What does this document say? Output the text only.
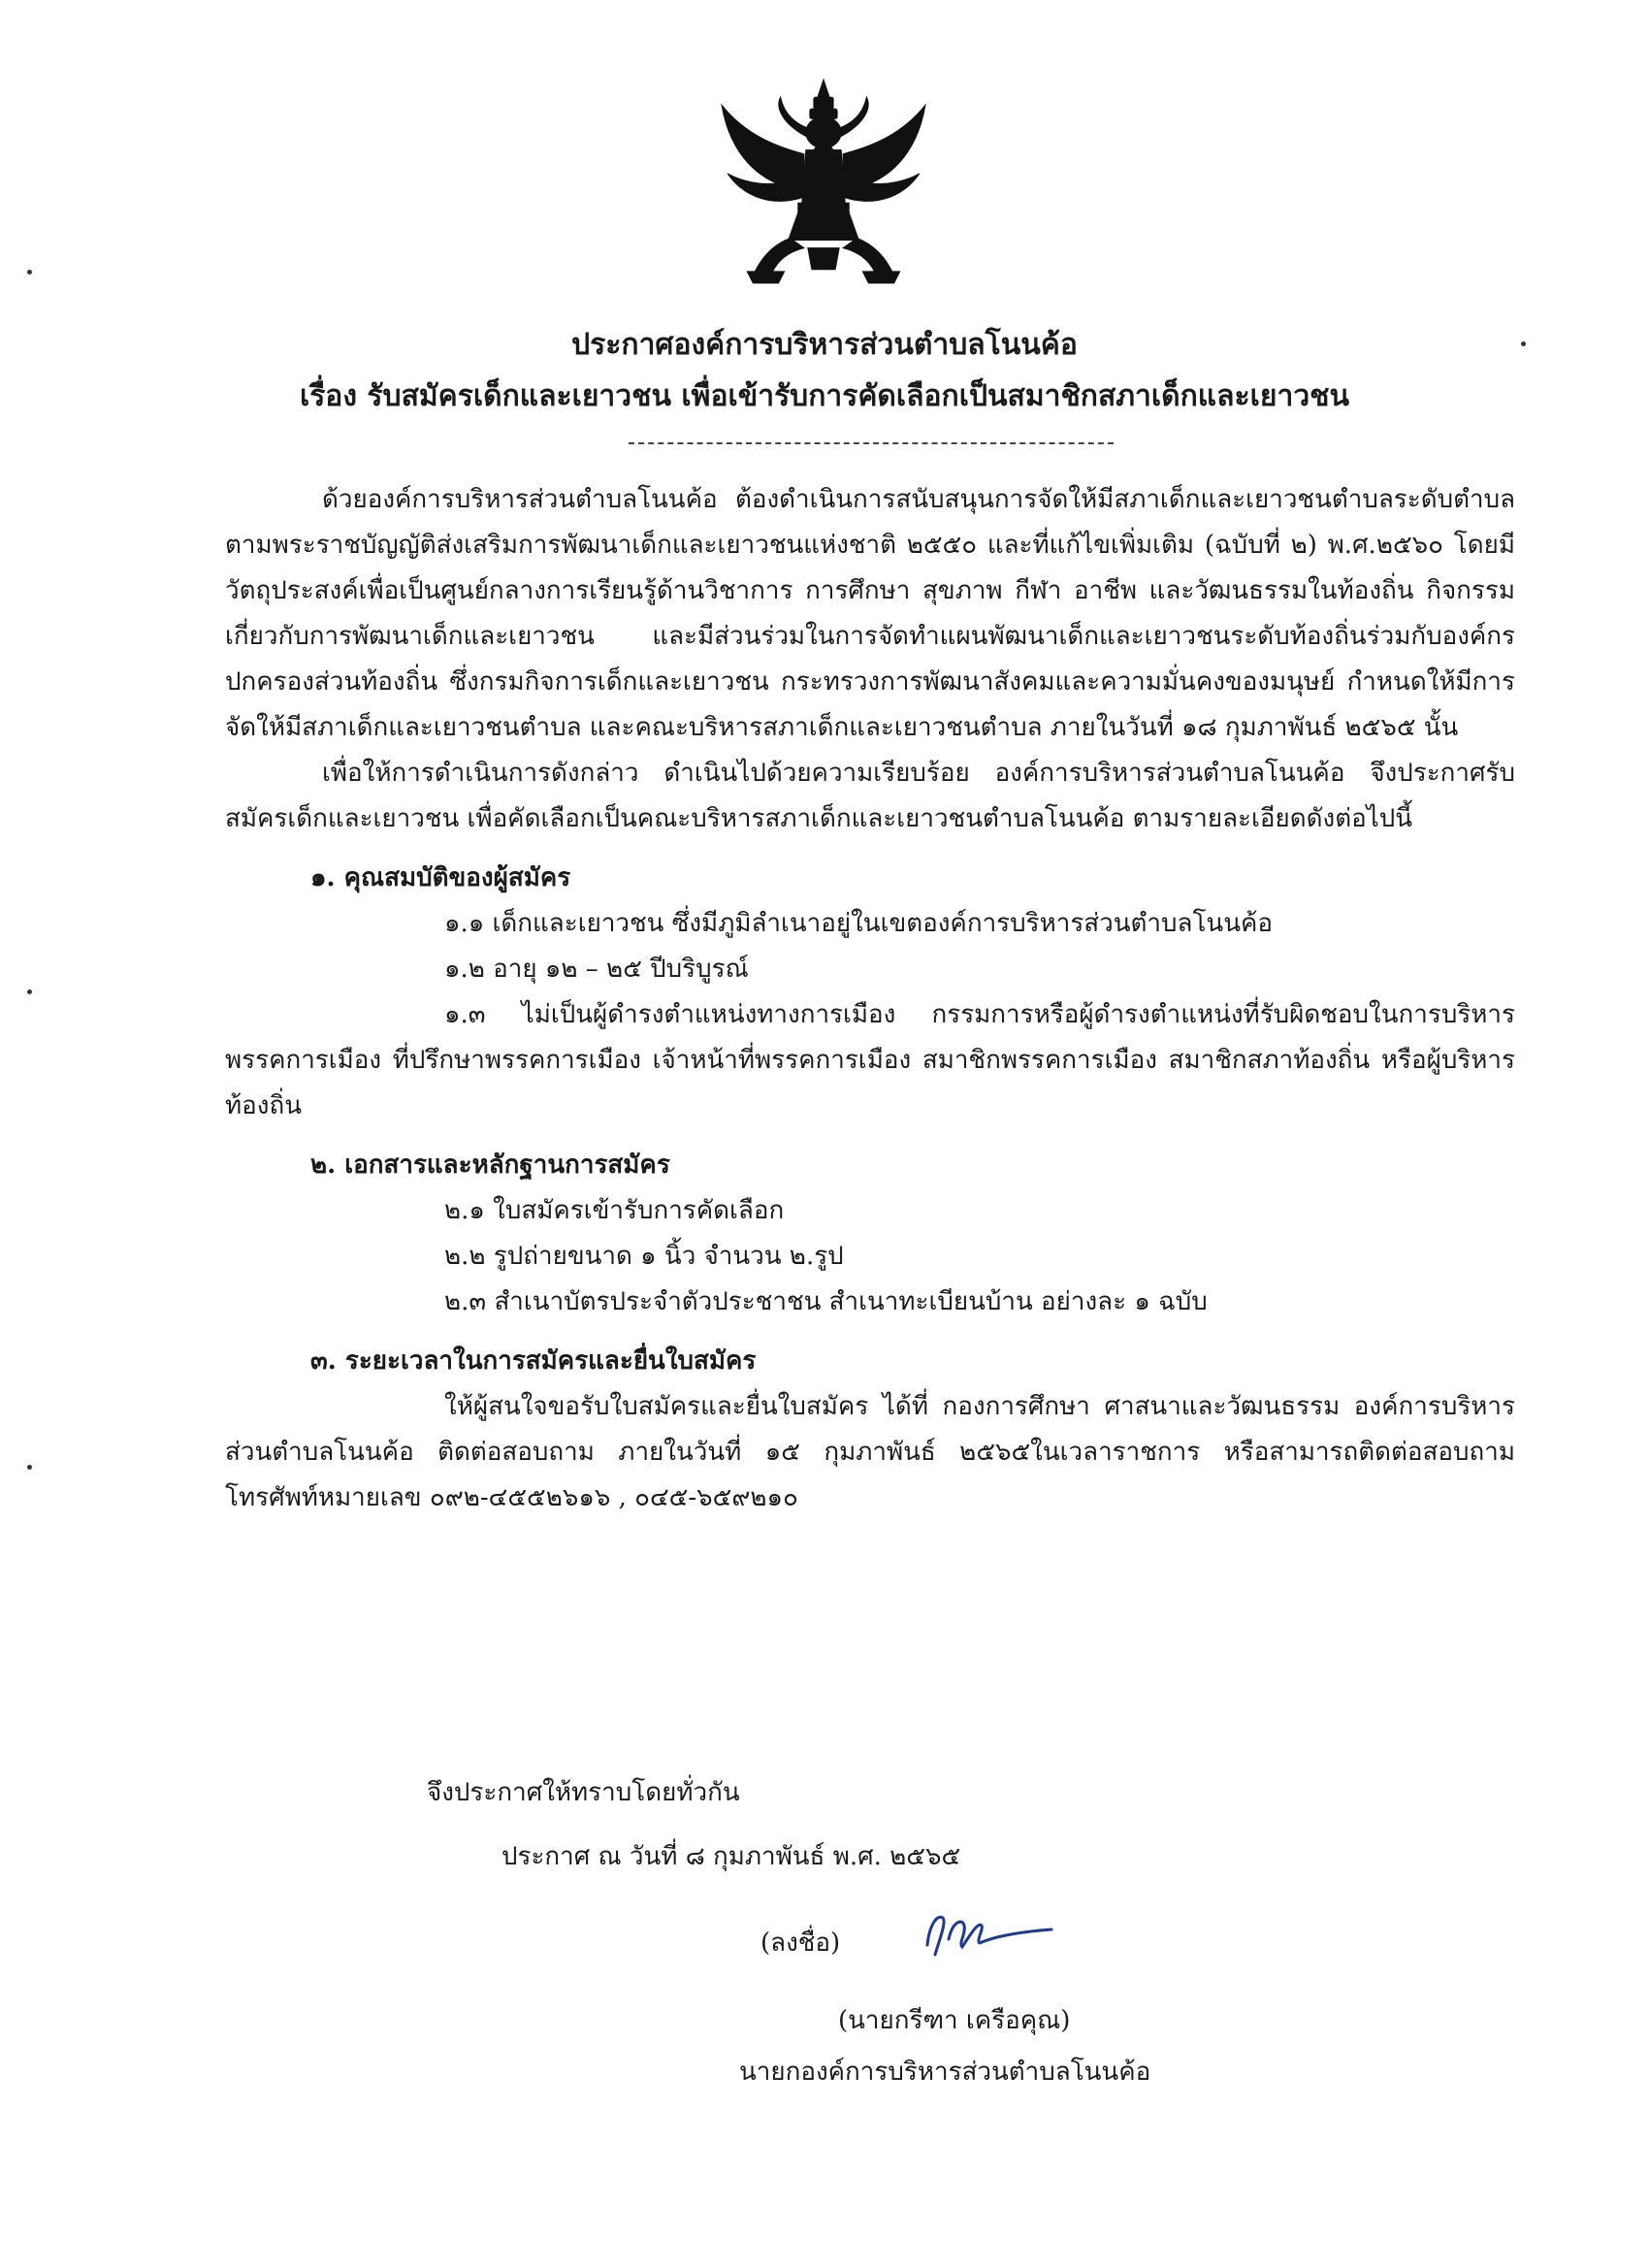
ประกาศองค์การบริหารส่วนตำบลโนนค้อ
เรื่อง รับสมัครเด็กและเยาวชน เพื่อเข้ารับการคัดเลือกเป็นสมาชิกสภาเด็กและเยาวชน

ด้วยองค์การบริหารส่วนตำบลโนนค้อ ต้องดำเนินการสนับสนุนการจัดให้มีสภาเด็กและเยาวชนตำบลระดับตำบลตามพระราชบัญญัติส่งเสริมการพัฒนาเด็กและเยาวชนแห่งชาติ ๒๕๕๐ และที่แก้ไขเพิ่มเติม (ฉบับที่ ๒) พ.ศ.๒๕๖๐ โดยมีวัตถุประสงค์เพื่อเป็นศูนย์กลางการเรียนรู้ด้านวิชาการ การศึกษา สุขภาพ กีฬา อาชีพ และวัฒนธรรมในท้องถิ่น กิจกรรมเกี่ยวกับการพัฒนาเด็กและเยาวชน และมีส่วนร่วมในการจัดทำแผนพัฒนาเด็กและเยาวชนระดับท้องถิ่นร่วมกับองค์กรปกครองส่วนท้องถิ่น ซึ่งกรมกิจการเด็กและเยาวชน กระทรวงการพัฒนาสังคมและความมั่นคงของมนุษย์ กำหนดให้มีการจัดให้มีสภาเด็กและเยาวชนตำบล และคณะบริหารสภาเด็กและเยาวชนตำบล ภายในวันที่ ๑๘ กุมภาพันธ์ ๒๕๖๕ นั้น

เพื่อให้การดำเนินการดังกล่าว ดำเนินไปด้วยความเรียบร้อย องค์การบริหารส่วนตำบลโนนค้อ จึงประกาศรับสมัครเด็กและเยาวชน เพื่อคัดเลือกเป็นคณะบริหารสภาเด็กและเยาวชนตำบลโนนค้อ ตามรายละเอียดดังต่อไปนี้

๑. คุณสมบัติของผู้สมัคร

๑.๑ เด็กและเยาวชน ซึ่งมีภูมิลำเนาอยู่ในเขตองค์การบริหารส่วนตำบลโนนค้อ

๑.๒ อายุ ๑๒ – ๒๕ ปีบริบูรณ์

๑.๓ ไม่เป็นผู้ดำรงตำแหน่งทางการเมือง กรรมการหรือผู้ดำรงตำแหน่งที่รับผิดชอบในการบริหารพรรคการเมือง ที่ปรึกษาพรรคการเมือง เจ้าหน้าที่พรรคการเมือง สมาชิกพรรคการเมือง สมาชิกสภาท้องถิ่น หรือผู้บริหารท้องถิ่น

๒. เอกสารและหลักฐานการสมัคร

๒.๑ ใบสมัครเข้ารับการคัดเลือก

๒.๒ รูปถ่ายขนาด ๑ นิ้ว จำนวน ๒.รูป

๒.๓ สำเนาบัตรประจำตัวประชาชน สำเนาทะเบียนบ้าน อย่างละ ๑ ฉบับ

๓. ระยะเวลาในการสมัครและยื่นใบสมัคร

ให้ผู้สนใจขอรับใบสมัครและยื่นใบสมัคร ได้ที่ กองการศึกษา ศาสนาและวัฒนธรรม องค์การบริหารส่วนตำบลโนนค้อ ติดต่อสอบถาม ภายในวันที่ ๑๕ กุมภาพันธ์ ๒๕๖๕ในเวลาราชการ หรือสามารถติดต่อสอบถาม โทรศัพท์หมายเลข ๐๙๒-๔๕๕๒๖๑๖ , ๐๔๕-๖๕๙๒๑๐

จึงประกาศให้ทราบโดยทั่วกัน
ประกาศ ณ วันที่ ๘ กุมภาพันธ์ พ.ศ. ๒๕๖๕
(ลงชื่อ)
(นายกรีฑา เครือคุณ)
นายกองค์การบริหารส่วนตำบลโนนค้อ
